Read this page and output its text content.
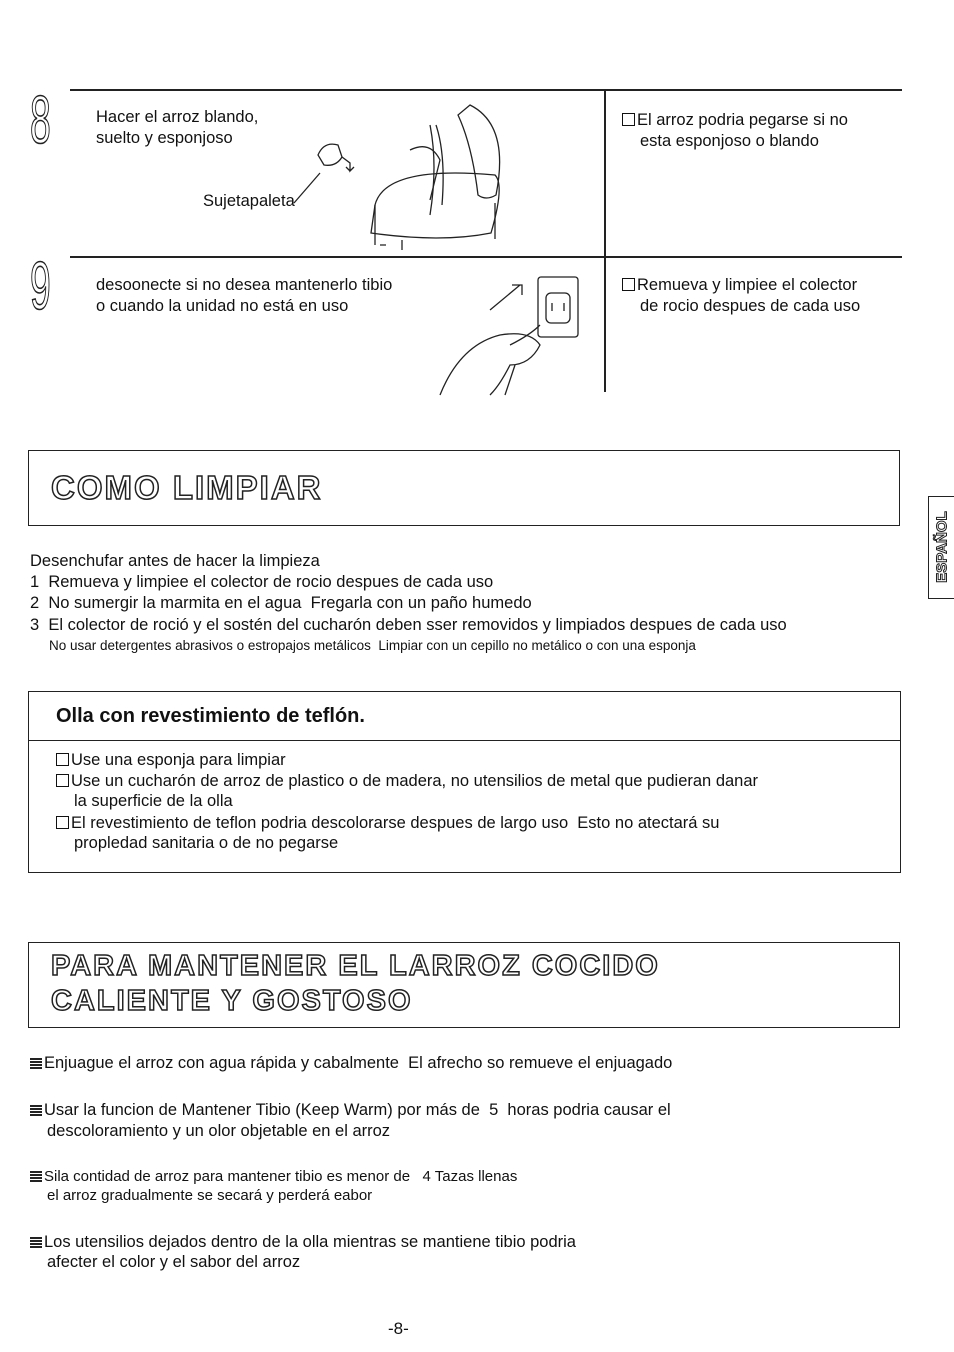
8	Hacer el arroz blando,
suelto y esponjoso
Sujetapaleta
El arroz podria pegarse si no
esta esponjoso o blando
9	desoonecte si no desea mantenerlo tibio
o cuando la unidad no está en uso
Remueva y limpiee el colector
de rocio despues de cada uso
COMO LIMPIAR
ESPAÑOL
Desenchufar antes de hacer la limpieza
1  Remueva y limpiee el colector de rocio despues de cada uso
2  No sumergir la marmita en el agua  Fregarla con un paño humedo
3  El colector de roció y el sostén del cucharón deben sser removidos y limpiados despues de cada uso
No usar detergentes abrasivos o estropajos metálicos  Limpiar con un cepillo no metálico o con una esponja
Olla con revestimiento de teflón.
Use una esponja para limpiar
Use un cucharón de arroz de plastico o de madera, no utensilios de metal que pudieran danar
la superficie de la olla
El revestimiento de teflon podria descolorarse despues de largo uso  Esto no atectará su
propledad sanitaria o de no pegarse
PARA MANTENER EL LARROZ COCIDO
CALIENTE Y GOSTOSO
Enjuague el arroz con agua rápida y cabalmente  El afrecho so remueve el enjuagado
Usar la funcion de Mantener Tibio (Keep Warm) por más de  5  horas podria causar el
descoloramiento y un olor objetable en el arroz
Sila contidad de arroz para mantener tibio es menor de   4 Tazas llenas
el arroz gradualmente se secará y perderá eabor
Los utensilios dejados dentro de la olla mientras se mantiene tibio podria
afecter el color y el sabor del arroz
-8-
